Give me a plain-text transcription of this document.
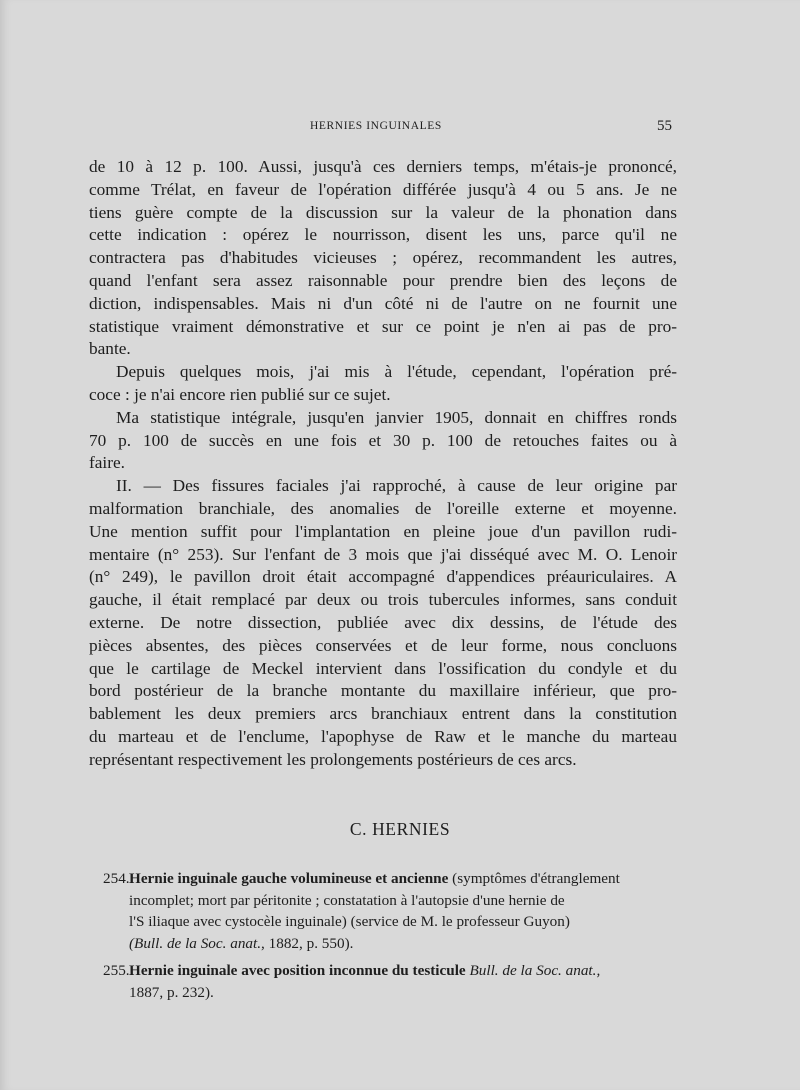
HERNIES INGUINALES	55

de 10 à 12 p. 100. Aussi, jusqu'à ces derniers temps, m'étais-je prononcé,
comme Trélat, en faveur de l'opération différée jusqu'à 4 ou 5 ans. Je ne
tiens guère compte de la discussion sur la valeur de la phonation dans
cette indication : opérez le nourrisson, disent les uns, parce qu'il ne
contractera pas d'habitudes vicieuses ; opérez, recommandent les autres,
quand l'enfant sera assez raisonnable pour prendre bien des leçons de
diction, indispensables. Mais ni d'un côté ni de l'autre on ne fournit une
statistique vraiment démonstrative et sur ce point je n'en ai pas de pro-
bante.

Depuis quelques mois, j'ai mis à l'étude, cependant, l'opération pré-
coce : je n'ai encore rien publié sur ce sujet.

Ma statistique intégrale, jusqu'en janvier 1905, donnait en chiffres ronds
70 p. 100 de succès en une fois et 30 p. 100 de retouches faites ou à
faire.

II. — Des fissures faciales j'ai rapproché, à cause de leur origine par
malformation branchiale, des anomalies de l'oreille externe et moyenne.
Une mention suffit pour l'implantation en pleine joue d'un pavillon rudi-
mentaire (n° 253). Sur l'enfant de 3 mois que j'ai disséqué avec M. O. Lenoir
(n° 249), le pavillon droit était accompagné d'appendices préauriculaires. A
gauche, il était remplacé par deux ou trois tubercules informes, sans conduit
externe. De notre dissection, publiée avec dix dessins, de l'étude des
pièces absentes, des pièces conservées et de leur forme, nous concluons
que le cartilage de Meckel intervient dans l'ossification du condyle et du
bord postérieur de la branche montante du maxillaire inférieur, que pro-
bablement les deux premiers arcs branchiaux entrent dans la constitution
du marteau et de l'enclume, l'apophyse de Raw et le manche du marteau
représentant respectivement les prolongements postérieurs de ces arcs.

C. HERNIES

254.Hernie inguinale gauche volumineuse et ancienne (symptômes d'étranglement
incomplet; mort par péritonite ; constatation à l'autopsie d'une hernie de
l'S iliaque avec cystocèle inguinale) (service de M. le professeur Guyon)
(Bull. de la Soc. anat., 1882, p. 550).

255.Hernie inguinale avec position inconnue du testicule Bull. de la Soc. anat.,
1887, p. 232).
